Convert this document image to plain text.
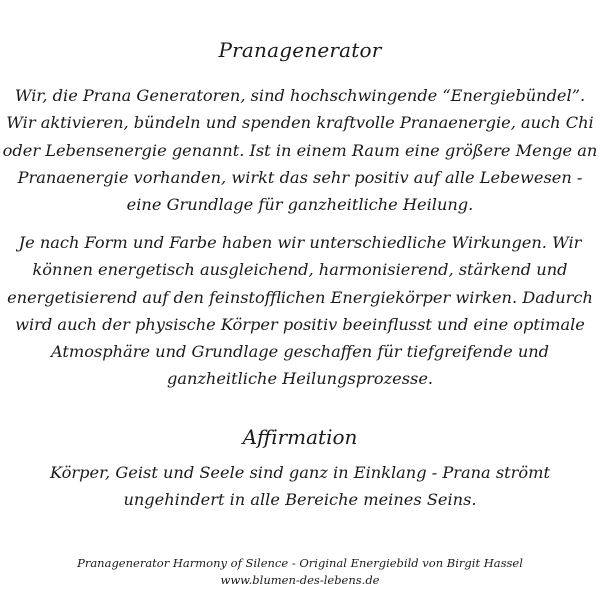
Pranagenerator
Wir, die Prana Generatoren, sind hochschwingende “Energiebündel”.
Wir aktivieren, bündeln und spenden kraftvolle Pranaenergie, auch Chi
oder Lebensenergie genannt. Ist in einem Raum eine größere Menge an
Pranaenergie vorhanden, wirkt das sehr positiv auf alle Lebewesen -
eine Grundlage für ganzheitliche Heilung.
Je nach Form und Farbe haben wir unterschiedliche Wirkungen. Wir
können energetisch ausgleichend, harmonisierend, stärkend und
energetisierend auf den feinstofflichen Energiekörper wirken. Dadurch
wird auch der physische Körper positiv beeinflusst und eine optimale
Atmosphäre und Grundlage geschaffen für tiefgreifende und
ganzheitliche Heilungsprozesse.
Affirmation
Körper, Geist und Seele sind ganz in Einklang - Prana strömt
ungehindert in alle Bereiche meines Seins.
Pranagenerator Harmony of Silence - Original Energiebild von Birgit Hassel
www.blumen-des-lebens.de
